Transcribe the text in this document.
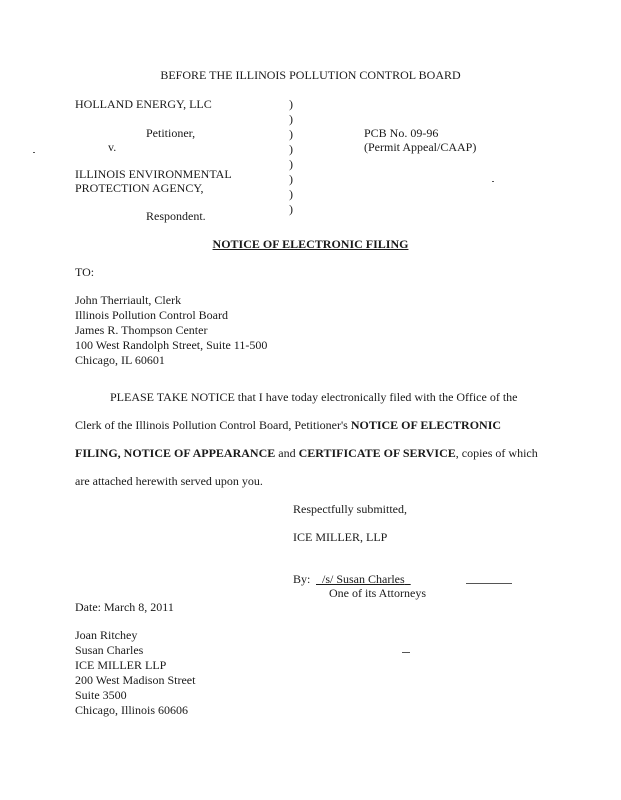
BEFORE THE ILLINOIS POLLUTION CONTROL BOARD
HOLLAND ENERGY, LLC
Petitioner,
v.
ILLINOIS ENVIRONMENTAL
PROTECTION AGENCY,
Respondent.
)
)
)
)
)
)
)
)
PCB No. 09-96
(Permit Appeal/CAAP)
NOTICE OF ELECTRONIC FILING
TO:
John Therriault, Clerk
Illinois Pollution Control Board
James R. Thompson Center
100 West Randolph Street, Suite 11-500
Chicago, IL 60601
PLEASE TAKE NOTICE that I have today electronically filed with the Office of the
Clerk of the Illinois Pollution Control Board, Petitioner's NOTICE OF ELECTRONIC
FILING, NOTICE OF APPEARANCE and CERTIFICATE OF SERVICE, copies of which
are attached herewith served upon you.
Respectfully submitted,
ICE MILLER, LLP
By: /s/ Susan Charles
One of its Attorneys
Date: March 8, 2011
Joan Ritchey
Susan Charles
ICE MILLER LLP
200 West Madison Street
Suite 3500
Chicago, Illinois 60606
